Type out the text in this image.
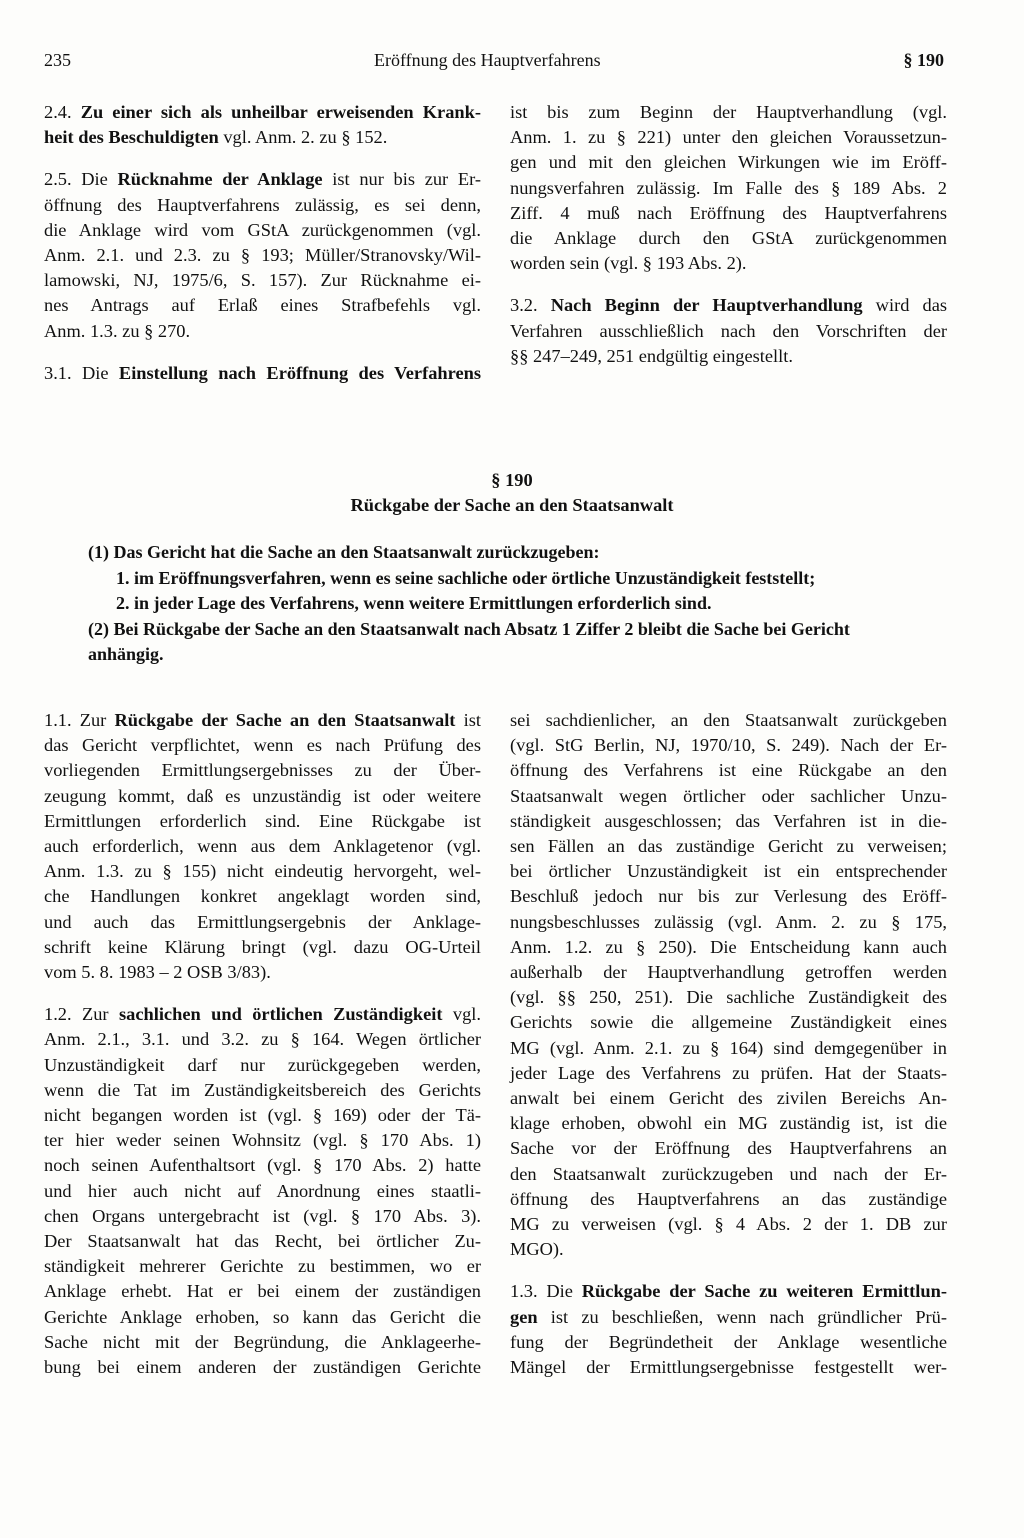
235	Eröffnung des Hauptverfahrens	§ 190
2.4. Zu einer sich als unheilbar erweisenden Krank-
heit des Beschuldigten vgl. Anm. 2. zu § 152.
2.5. Die Rücknahme der Anklage ist nur bis zur Er-
öffnung des Hauptverfahrens zulässig, es sei denn,
die Anklage wird vom GStA zurückgenommen (vgl.
Anm. 2.1. und 2.3. zu § 193; Müller/Stranovsky/Wil-
lamowski, NJ, 1975/6, S. 157). Zur Rücknahme ei-
nes Antrags auf Erlaß eines Strafbefehls vgl.
Anm. 1.3. zu § 270.
3.1. Die Einstellung nach Eröffnung des Verfahrens
ist bis zum Beginn der Hauptverhandlung (vgl.
Anm. 1. zu § 221) unter den gleichen Voraussetzun-
gen und mit den gleichen Wirkungen wie im Eröff-
nungsverfahren zulässig. Im Falle des § 189 Abs. 2
Ziff. 4 muß nach Eröffnung des Hauptverfahrens
die Anklage durch den GStA zurückgenommen
worden sein (vgl. § 193 Abs. 2).
3.2. Nach Beginn der Hauptverhandlung wird das
Verfahren ausschließlich nach den Vorschriften der
§§ 247–249, 251 endgültig eingestellt.
§ 190
Rückgabe der Sache an den Staatsanwalt
(1) Das Gericht hat die Sache an den Staatsanwalt zurückzugeben:
1. im Eröffnungsverfahren, wenn es seine sachliche oder örtliche Unzuständigkeit feststellt;
2. in jeder Lage des Verfahrens, wenn weitere Ermittlungen erforderlich sind.
(2) Bei Rückgabe der Sache an den Staatsanwalt nach Absatz 1 Ziffer 2 bleibt die Sache bei Gericht
anhängig.
1.1. Zur Rückgabe der Sache an den Staatsanwalt ist
das Gericht verpflichtet, wenn es nach Prüfung des
vorliegenden Ermittlungsergebnisses zu der Über-
zeugung kommt, daß es unzuständig ist oder weitere
Ermittlungen erforderlich sind. Eine Rückgabe ist
auch erforderlich, wenn aus dem Anklagetenor (vgl.
Anm. 1.3. zu § 155) nicht eindeutig hervorgeht, wel-
che Handlungen konkret angeklagt worden sind,
und auch das Ermittlungsergebnis der Anklage-
schrift keine Klärung bringt (vgl. dazu OG-Urteil
vom 5. 8. 1983 – 2 OSB 3/83).
1.2. Zur sachlichen und örtlichen Zuständigkeit vgl.
Anm. 2.1., 3.1. und 3.2. zu § 164. Wegen örtlicher
Unzuständigkeit darf nur zurückgegeben werden,
wenn die Tat im Zuständigkeitsbereich des Gerichts
nicht begangen worden ist (vgl. § 169) oder der Tä-
ter hier weder seinen Wohnsitz (vgl. § 170 Abs. 1)
noch seinen Aufenthaltsort (vgl. § 170 Abs. 2) hatte
und hier auch nicht auf Anordnung eines staatli-
chen Organs untergebracht ist (vgl. § 170 Abs. 3).
Der Staatsanwalt hat das Recht, bei örtlicher Zu-
ständigkeit mehrerer Gerichte zu bestimmen, wo er
Anklage erhebt. Hat er bei einem der zuständigen
Gerichte Anklage erhoben, so kann das Gericht die
Sache nicht mit der Begründung, die Anklageerhe-
bung bei einem anderen der zuständigen Gerichte
sei sachdienlicher, an den Staatsanwalt zurückgeben
(vgl. StG Berlin, NJ, 1970/10, S. 249). Nach der Er-
öffnung des Verfahrens ist eine Rückgabe an den
Staatsanwalt wegen örtlicher oder sachlicher Unzu-
ständigkeit ausgeschlossen; das Verfahren ist in die-
sen Fällen an das zuständige Gericht zu verweisen;
bei örtlicher Unzuständigkeit ist ein entsprechender
Beschluß jedoch nur bis zur Verlesung des Eröff-
nungsbeschlusses zulässig (vgl. Anm. 2. zu § 175,
Anm. 1.2. zu § 250). Die Entscheidung kann auch
außerhalb der Hauptverhandlung getroffen werden
(vgl. §§ 250, 251). Die sachliche Zuständigkeit des
Gerichts sowie die allgemeine Zuständigkeit eines
MG (vgl. Anm. 2.1. zu § 164) sind demgegenüber in
jeder Lage des Verfahrens zu prüfen. Hat der Staats-
anwalt bei einem Gericht des zivilen Bereichs An-
klage erhoben, obwohl ein MG zuständig ist, ist die
Sache vor der Eröffnung des Hauptverfahrens an
den Staatsanwalt zurückzugeben und nach der Er-
öffnung des Hauptverfahrens an das zuständige
MG zu verweisen (vgl. § 4 Abs. 2 der 1. DB zur
MGO).
1.3. Die Rückgabe der Sache zu weiteren Ermittlun-
gen ist zu beschließen, wenn nach gründlicher Prü-
fung der Begründetheit der Anklage wesentliche
Mängel der Ermittlungsergebnisse festgestellt wer-
